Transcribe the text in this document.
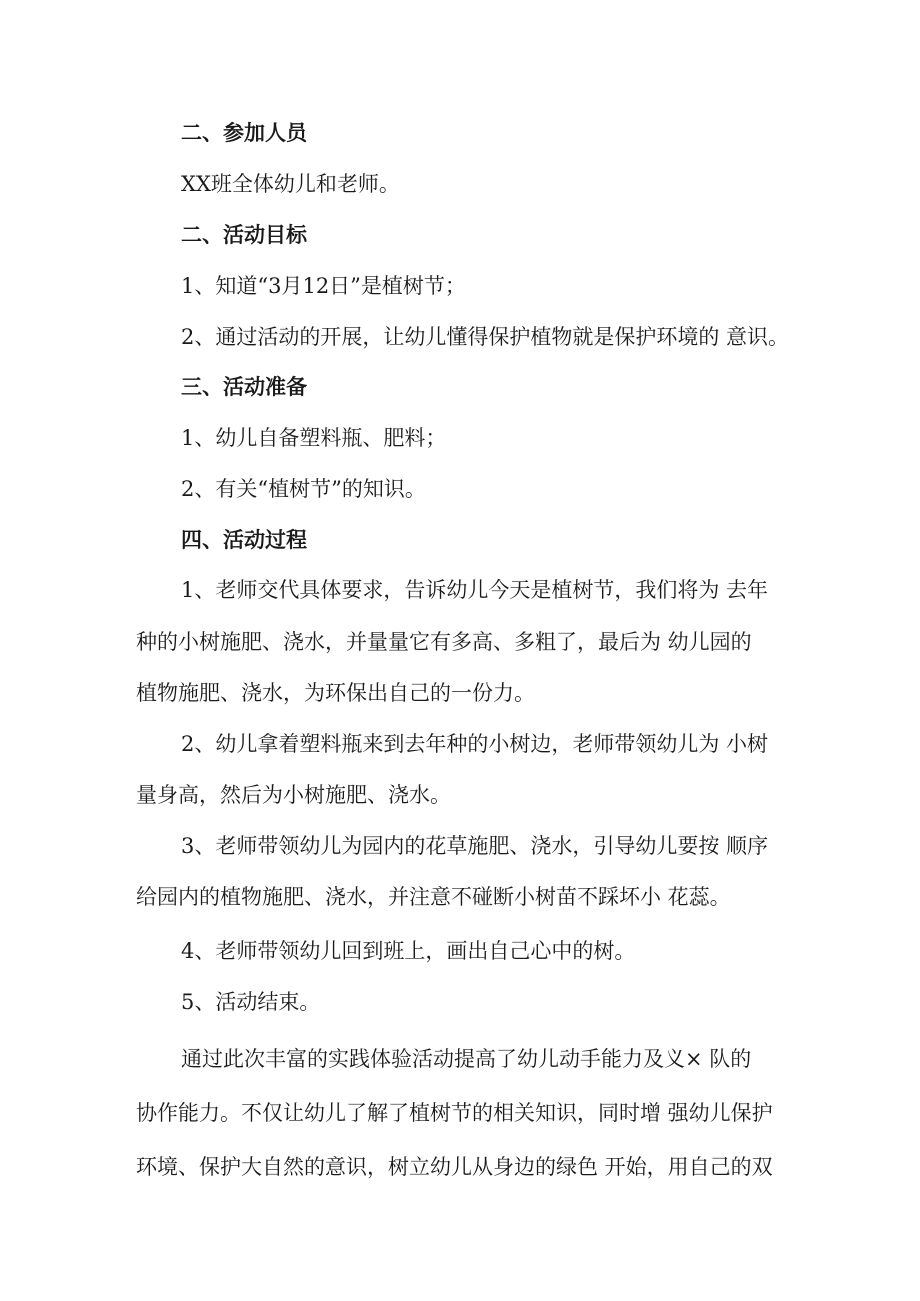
二、参加人员
XX班全体幼儿和老师。
二、活动目标
1、知道“3月12日”是植树节；
2、通过活动的开展，让幼儿懂得保护植物就是保护环境的 意识。
三、活动准备
1、幼儿自备塑料瓶、肥料；
2、有关“植树节”的知识。
四、活动过程
1、老师交代具体要求，告诉幼儿今天是植树节，我们将为 去年
种的小树施肥、浇水，并量量它有多高、多粗了，最后为 幼儿园的
植物施肥、浇水，为环保出自己的一份力。
2、幼儿拿着塑料瓶来到去年种的小树边，老师带领幼儿为 小树
量身高，然后为小树施肥、浇水。
3、老师带领幼儿为园内的花草施肥、浇水，引导幼儿要按 顺序
给园内的植物施肥、浇水，并注意不碰断小树苗不踩坏小 花蕊。
4、老师带领幼儿回到班上，画出自己心中的树。
5、活动结束。
通过此次丰富的实践体验活动提高了幼儿动手能力及义× 队的
协作能力。不仅让幼儿了解了植树节的相关知识，同时增 强幼儿保护
环境、保护大自然的意识，树立幼儿从身边的绿色 开始，用自己的双
